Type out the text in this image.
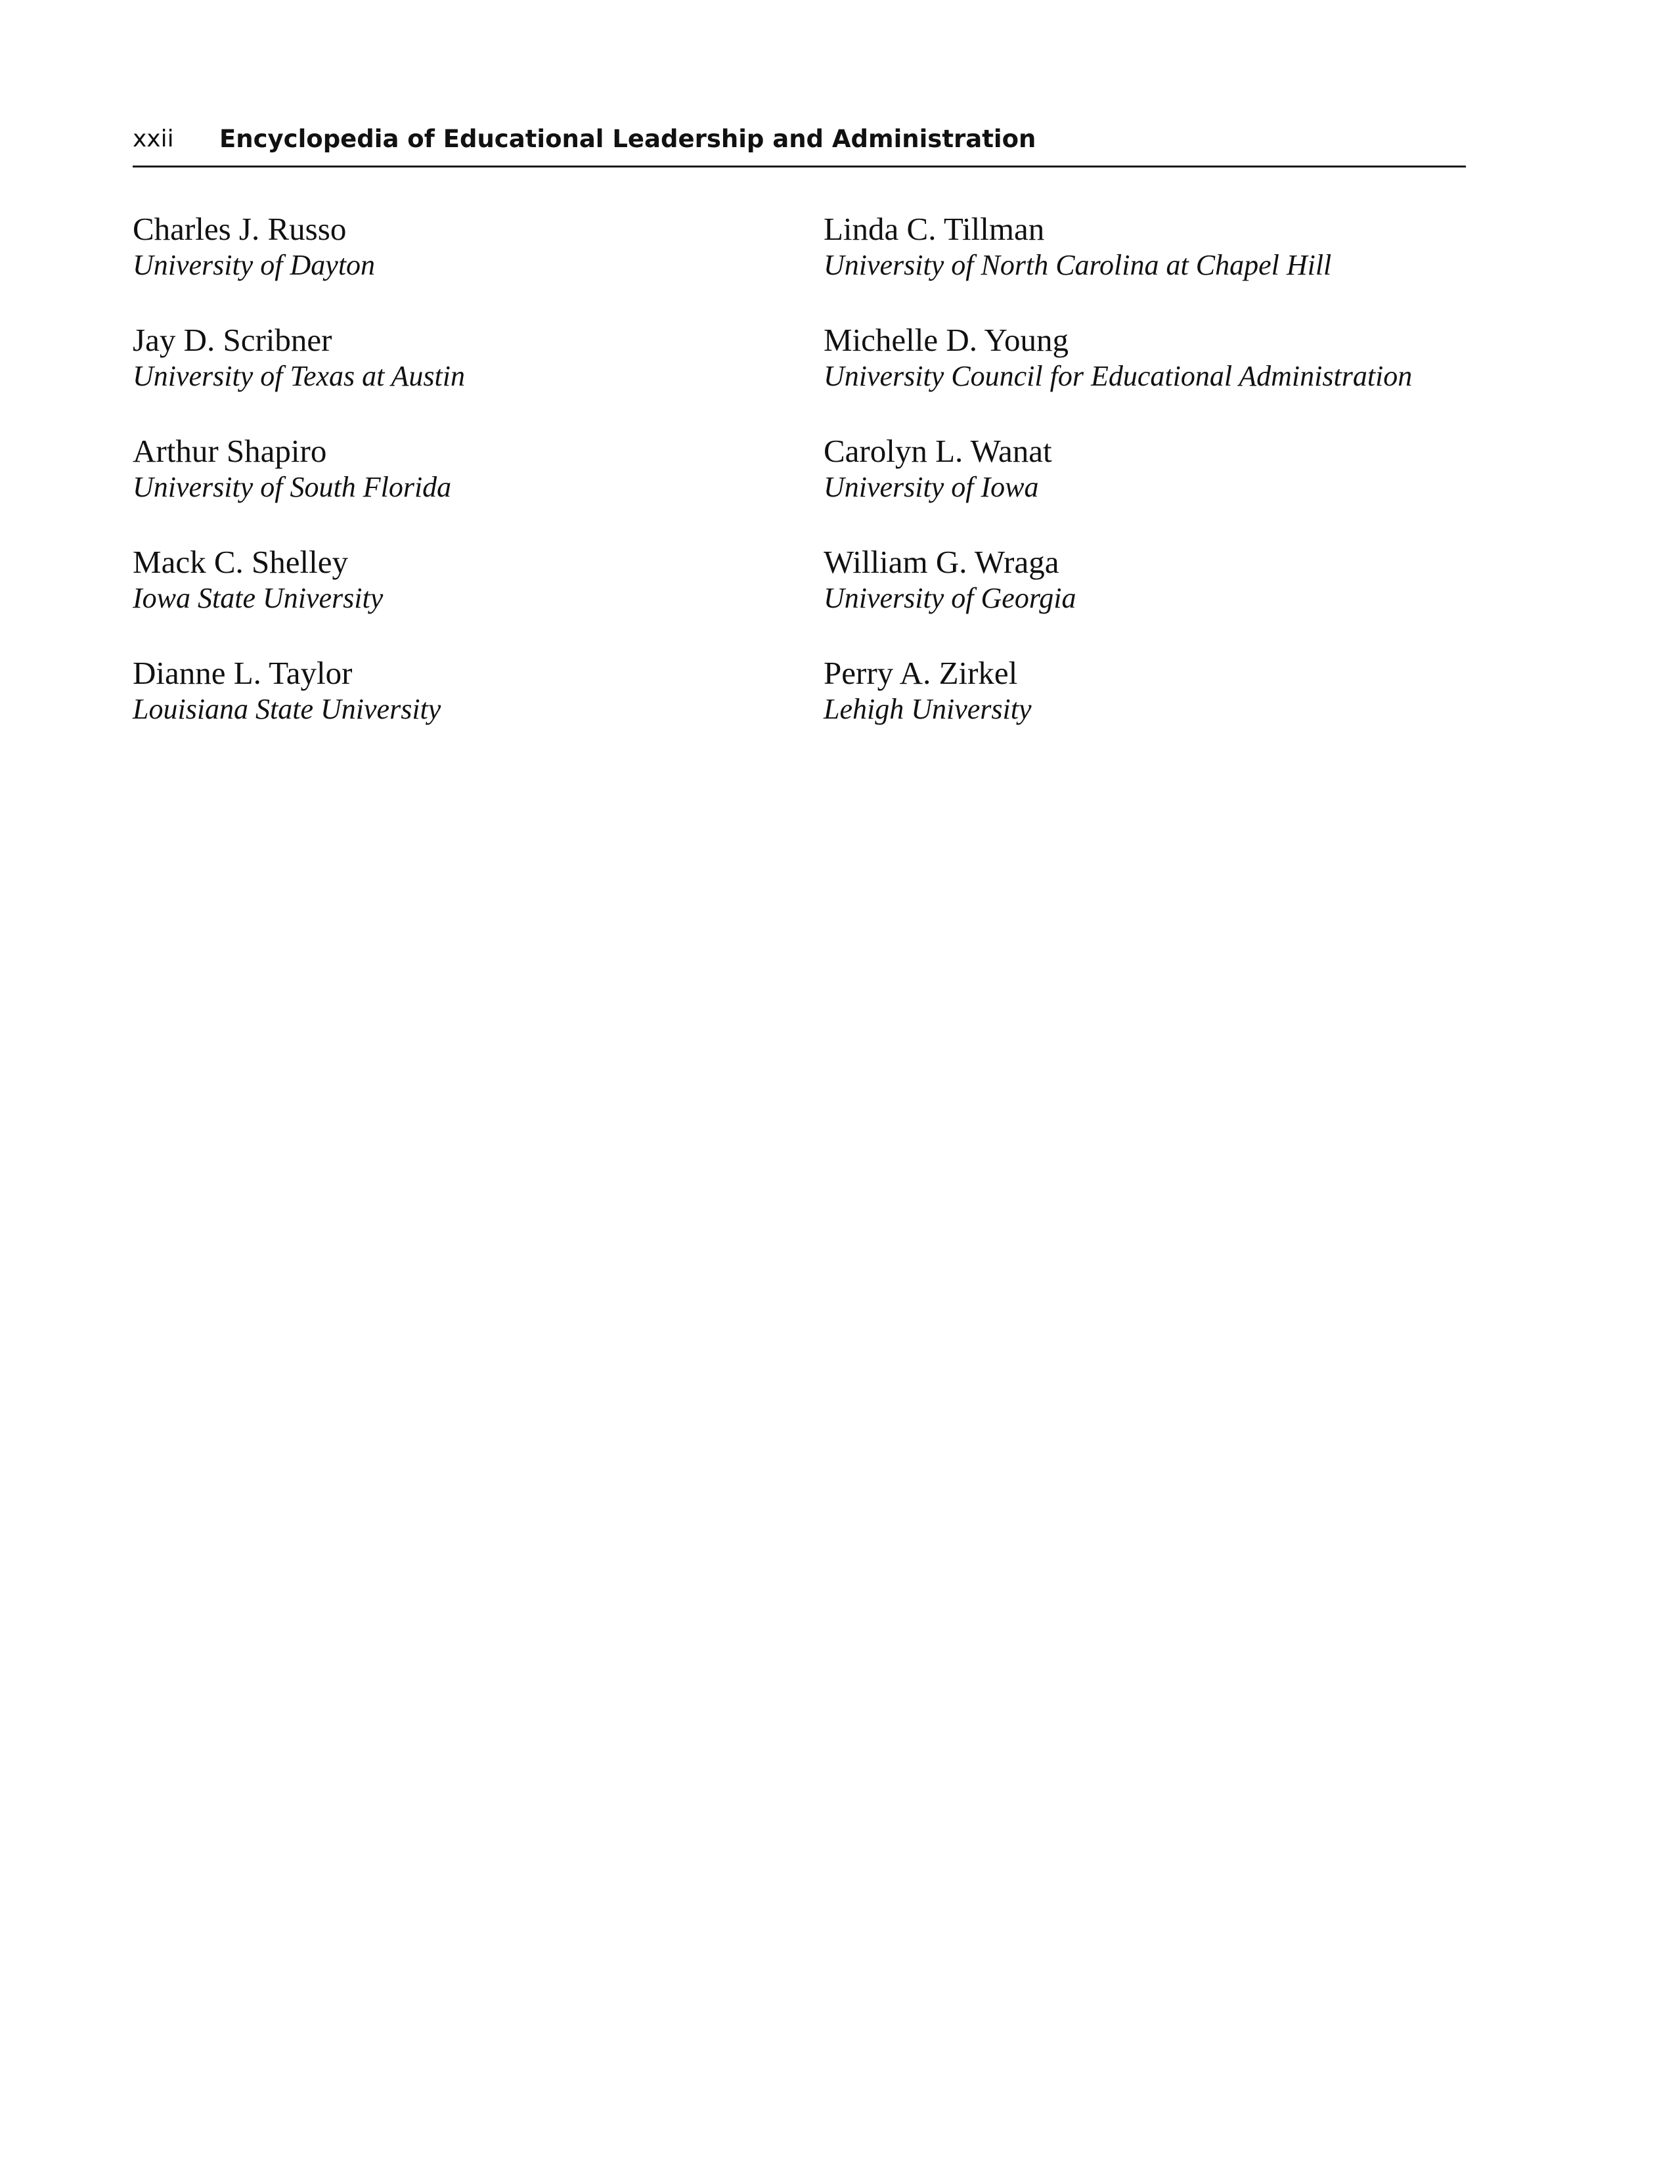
xxii Encyclopedia of Educational Leadership and Administration
Charles J. Russo
University of Dayton
Jay D. Scribner
University of Texas at Austin
Arthur Shapiro
University of South Florida
Mack C. Shelley
Iowa State University
Dianne L. Taylor
Louisiana State University
Linda C. Tillman
University of North Carolina at Chapel Hill
Michelle D. Young
University Council for Educational Administration
Carolyn L. Wanat
University of Iowa
William G. Wraga
University of Georgia
Perry A. Zirkel
Lehigh University
